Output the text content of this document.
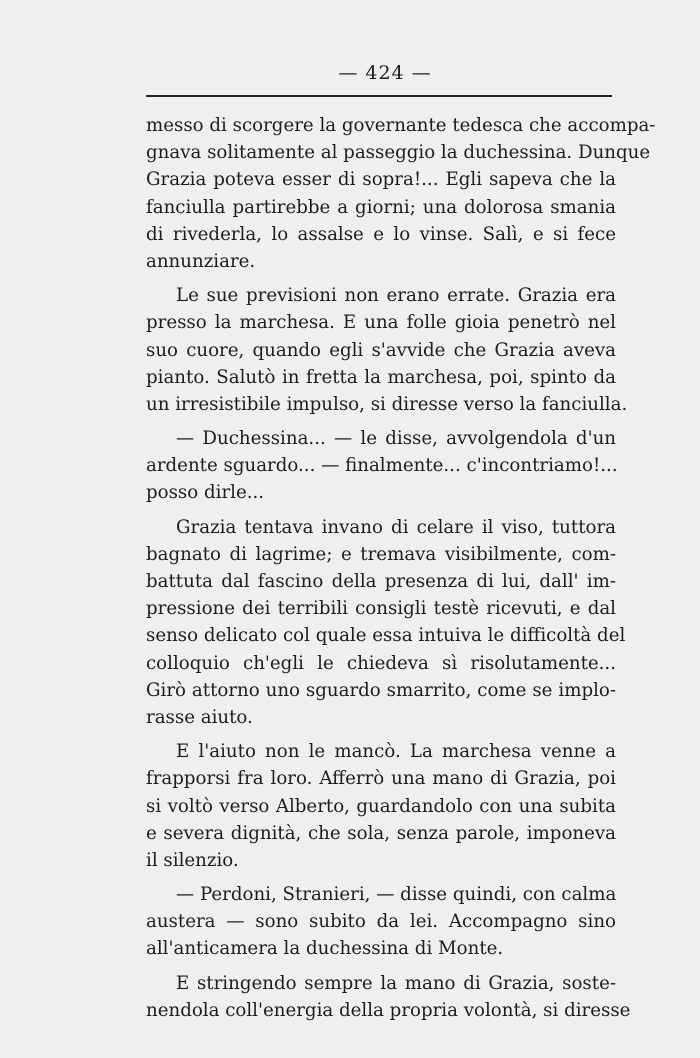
— 424 —
messo di scorgere la governante tedesca che accompa-
gnava solitamente al passeggio la duchessina. Dunque
Grazia poteva esser di sopra!... Egli sapeva che la
fanciulla partirebbe a giorni; una dolorosa smania
di rivederla, lo assalse e lo vinse. Salì, e si fece
annunziare.
Le sue previsioni non erano errate. Grazia era
presso la marchesa. E una folle gioia penetrò nel
suo cuore, quando egli s'avvide che Grazia aveva
pianto. Salutò in fretta la marchesa, poi, spinto da
un irresistibile impulso, si diresse verso la fanciulla.
— Duchessina... — le disse, avvolgendola d'un
ardente sguardo... — finalmente... c'incontriamo!...
posso dirle...
Grazia tentava invano di celare il viso, tuttora
bagnato di lagrime; e tremava visibilmente, com-
battuta dal fascino della presenza di lui, dall' im-
pressione dei terribili consigli testè ricevuti, e dal
senso delicato col quale essa intuiva le difficoltà del
colloquio ch'egli le chiedeva sì risolutamente...
Girò attorno uno sguardo smarrito, come se implo-
rasse aiuto.
E l'aiuto non le mancò. La marchesa venne a
frapporsi fra loro. Afferrò una mano di Grazia, poi
si voltò verso Alberto, guardandolo con una subita
e severa dignità, che sola, senza parole, imponeva
il silenzio.
— Perdoni, Stranieri, — disse quindi, con calma
austera — sono subito da lei. Accompagno sino
all'anticamera la duchessina di Monte.
E stringendo sempre la mano di Grazia, soste-
nendola coll'energia della propria volontà, si diresse
